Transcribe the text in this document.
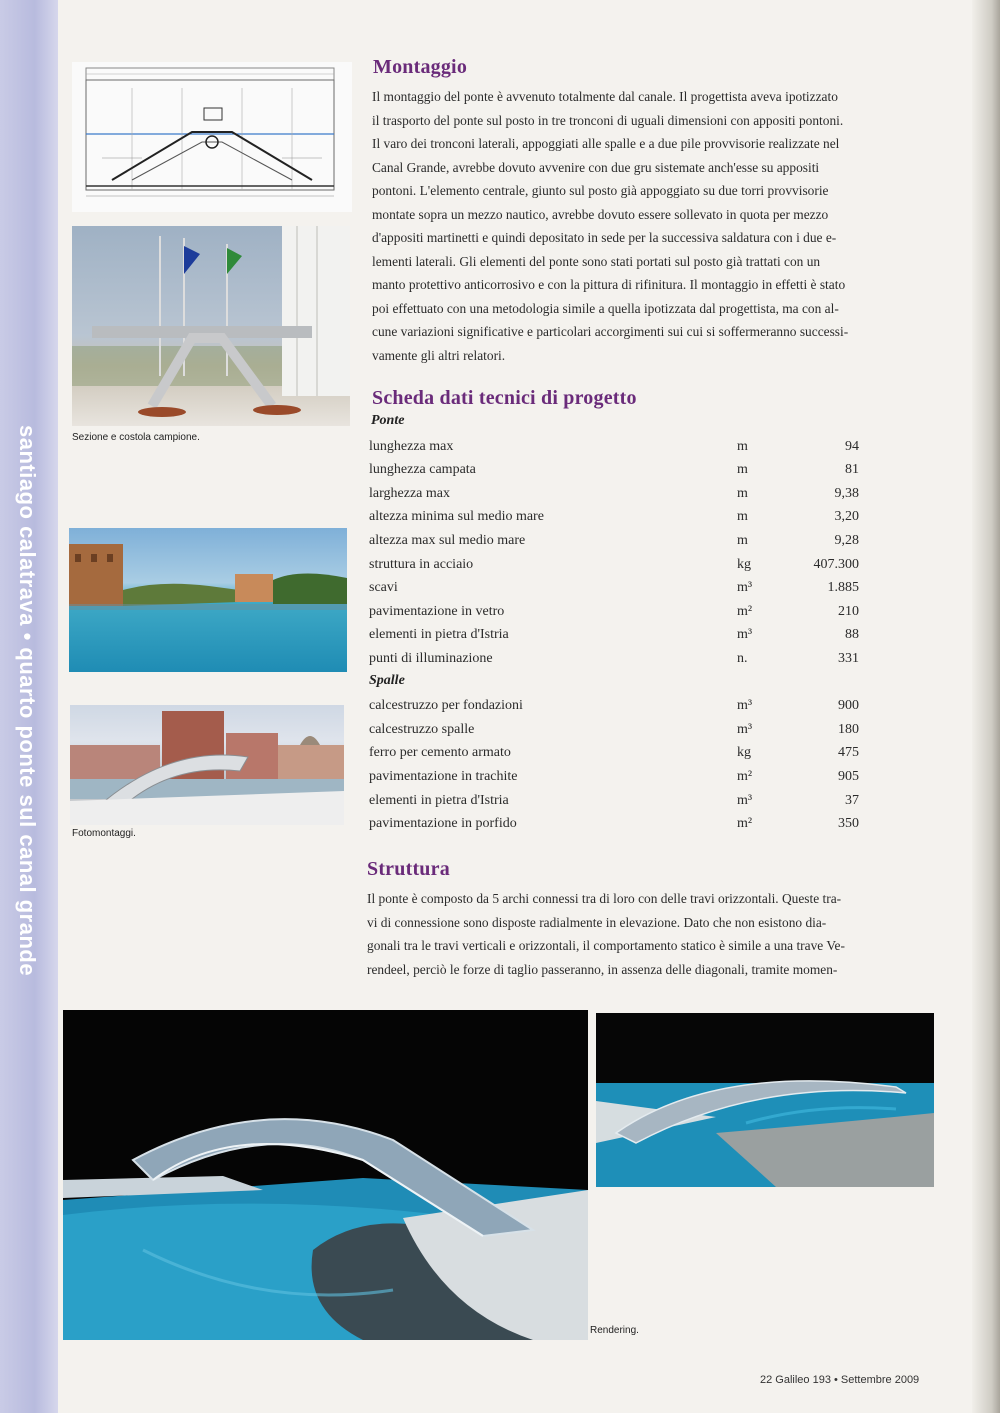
santiago calatrava • quarto ponte sul canal grande	Sezione e costola campione.
Fotomontaggi.
Montaggio
Il montaggio del ponte è avvenuto totalmente dal canale. Il progettista aveva ipotizzato
il trasporto del ponte sul posto in tre tronconi di uguali dimensioni con appositi pontoni.
Il varo dei tronconi laterali, appoggiati alle spalle e a due pile provvisorie realizzate nel
Canal Grande, avrebbe dovuto avvenire con due gru sistemate anch'esse su appositi
pontoni. L'elemento centrale, giunto sul posto già appoggiato su due torri provvisorie
montate sopra un mezzo nautico, avrebbe dovuto essere sollevato in quota per mezzo
d'appositi martinetti e quindi depositato in sede per la successiva saldatura con i due e-
lementi laterali. Gli elementi del ponte sono stati portati sul posto già trattati con un
manto protettivo anticorrosivo e con la pittura di rifinitura. Il montaggio in effetti è stato
poi effettuato con una metodologia simile a quella ipotizzata dal progettista, ma con al-
cune variazioni significative e particolari accorgimenti sui cui si soffermeranno successi-
vamente gli altri relatori.
Scheda dati tecnici di progetto
Ponte
lunghezza max	m	94
lunghezza campata	m	81
larghezza max	m	9,38
altezza minima sul medio mare	m	3,20
altezza max sul medio mare	m	9,28
struttura in acciaio	kg	407.300
scavi	m³	1.885
pavimentazione in vetro	m²	210
elementi in pietra d'Istria	m³	88
punti di illuminazione	n.	331
Spalle
calcestruzzo per fondazioni	m³	900
calcestruzzo spalle	m³	180
ferro per cemento armato	kg	475
pavimentazione in trachite	m²	905
elementi in pietra d'Istria	m³	37
pavimentazione in porfido	m²	350
Struttura
Il ponte è composto da 5 archi connessi tra di loro con delle travi orizzontali. Queste tra-
vi di connessione sono disposte radialmente in elevazione. Dato che non esistono dia-
gonali tra le travi verticali e orizzontali, il comportamento statico è simile a una trave Ve-
rendeel, perciò le forze di taglio passeranno, in assenza delle diagonali, tramite momen-
Rendering.
22 Galileo 193 • Settembre 2009
